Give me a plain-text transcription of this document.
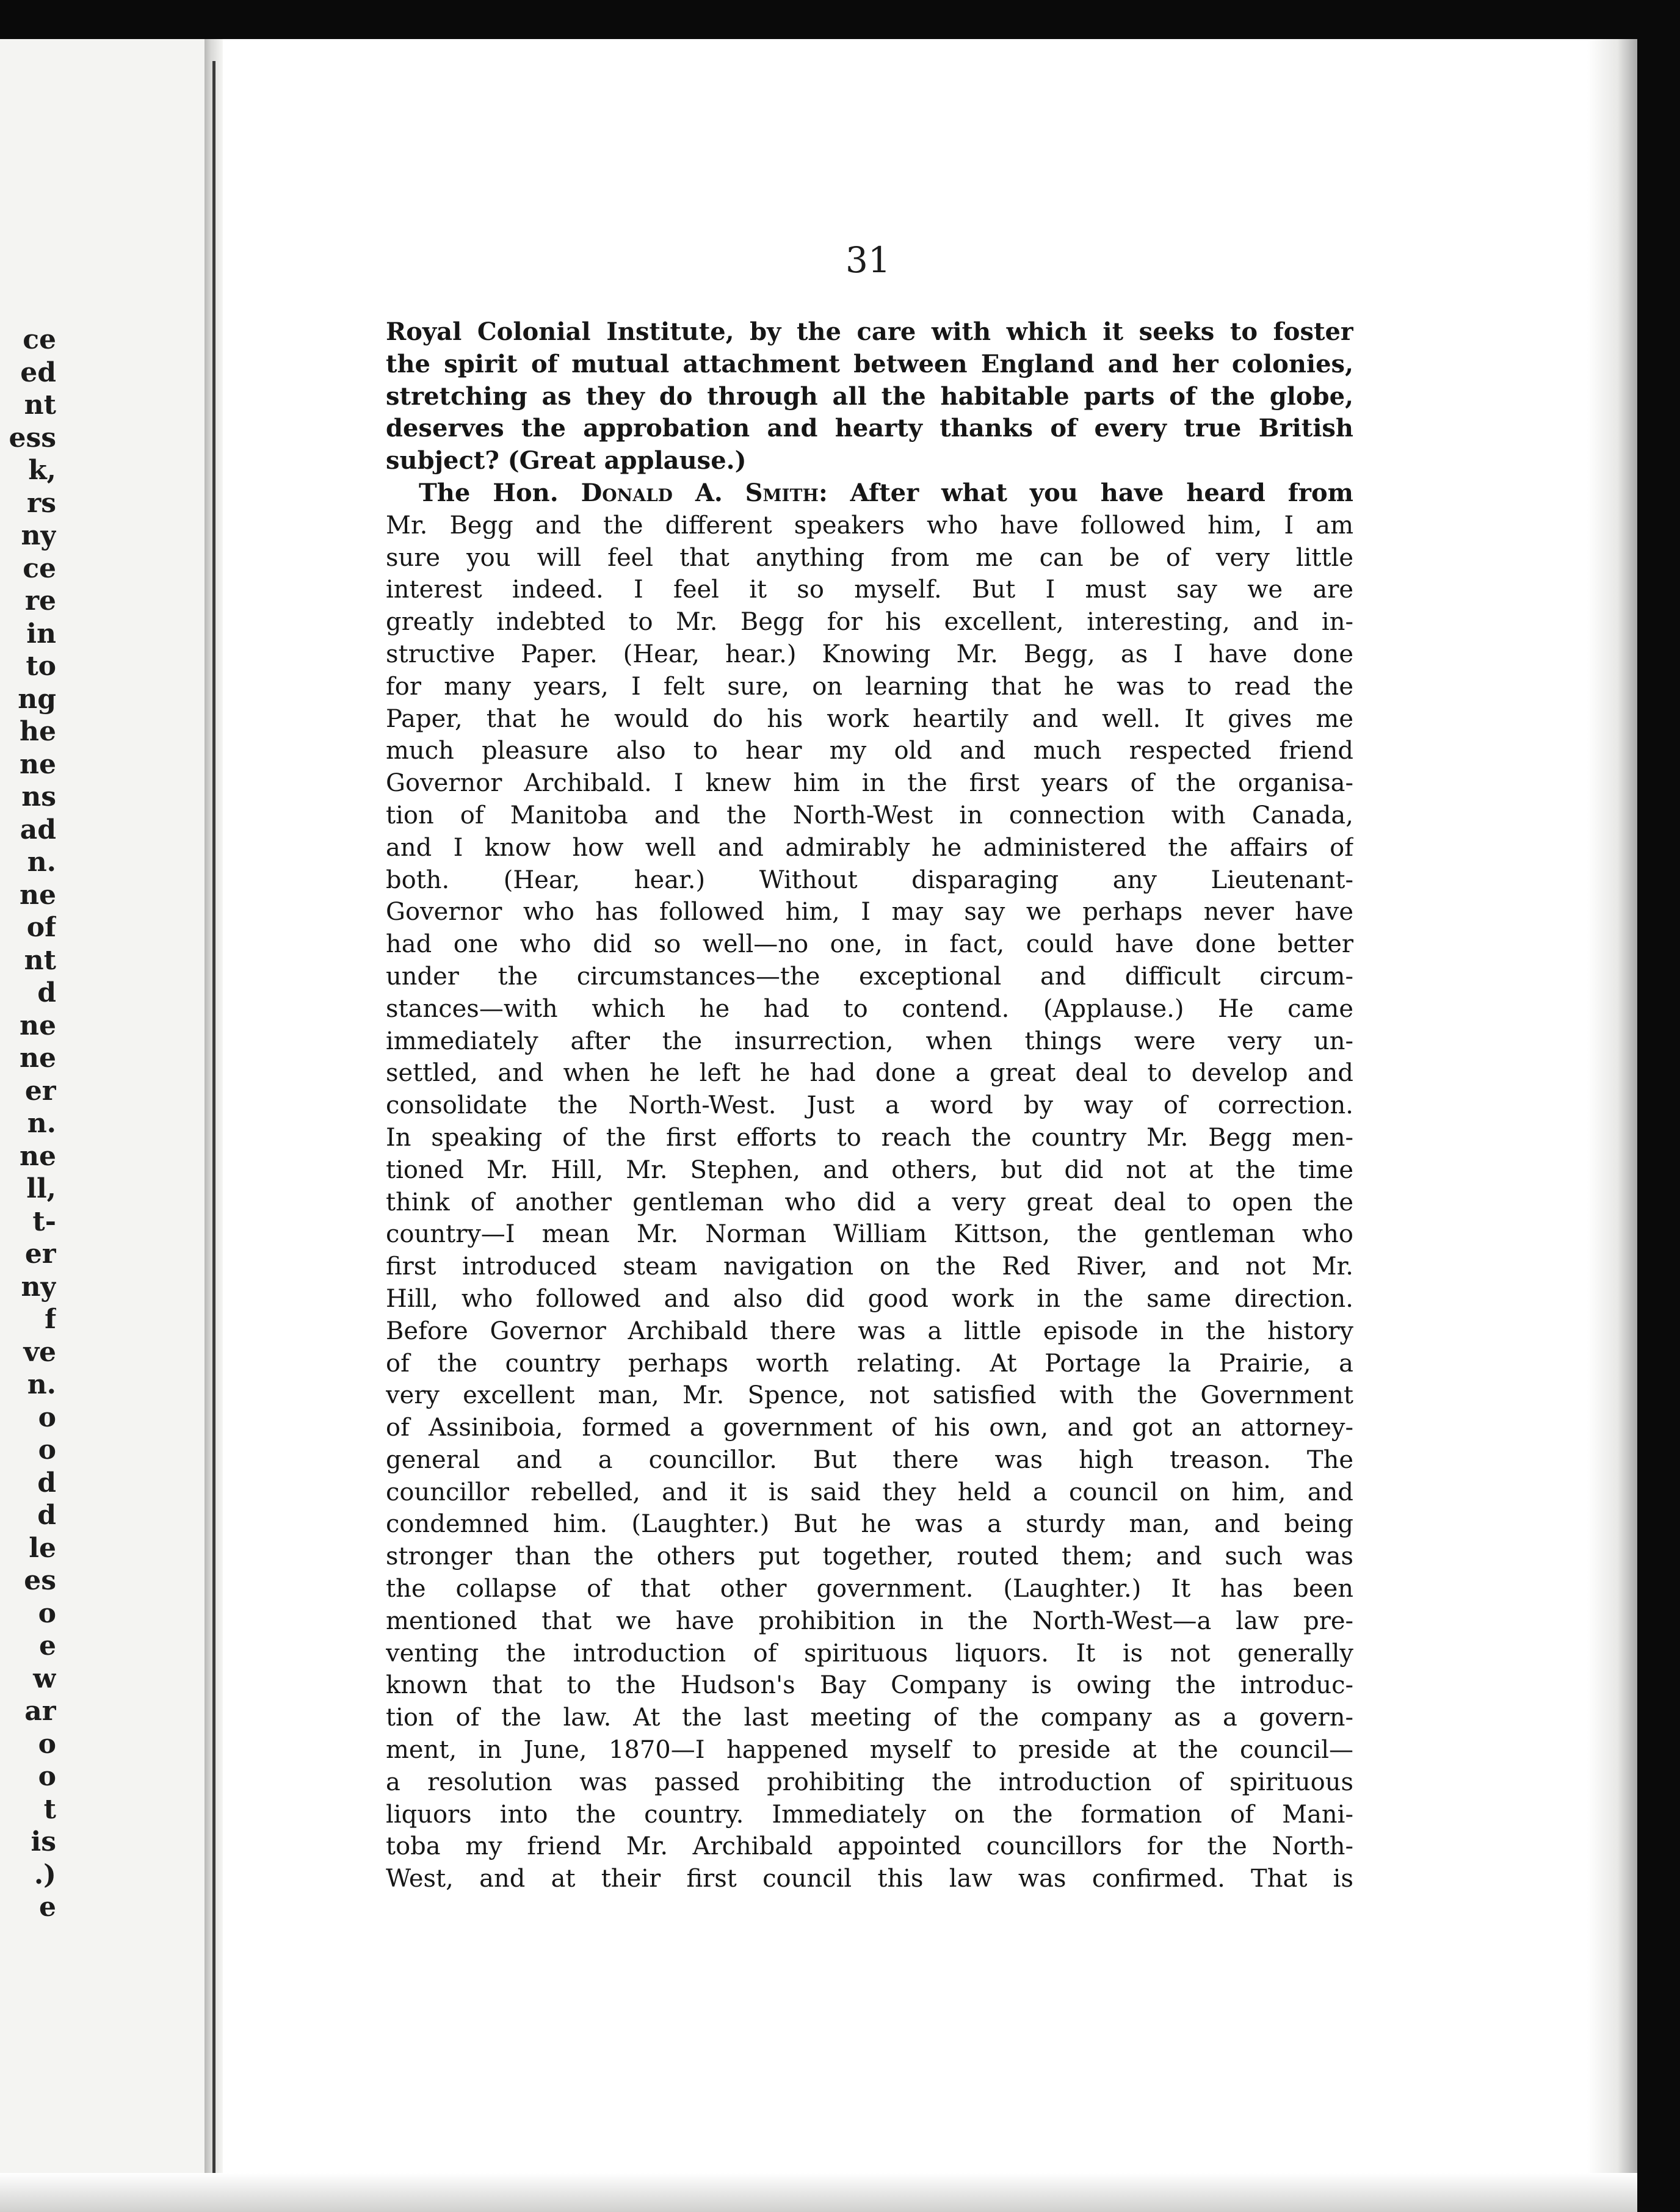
ce
ed
nt
ess
k,
rs
ny
ce
re
in
to
ng
he
ne
ns
ad
n.
ne
of
nt
d
ne
ne
er
n.
ne
ll,
t-
er
ny
f
ve
n.
o
o
d
d
le
es
o
e
w
ar
o
o
t
is
.)
e
31
Royal Colonial Institute, by the care with which it seeks to foster
the spirit of mutual attachment between England and her colonies,
stretching as they do through all the habitable parts of the globe,
deserves the approbation and hearty thanks of every true British
subject? (Great applause.)
The Hon. Donald A. Smith: After what you have heard from
Mr. Begg and the different speakers who have followed him, I am
sure you will feel that anything from me can be of very little
interest indeed. I feel it so myself. But I must say we are
greatly indebted to Mr. Begg for his excellent, interesting, and in-
structive Paper. (Hear, hear.) Knowing Mr. Begg, as I have done
for many years, I felt sure, on learning that he was to read the
Paper, that he would do his work heartily and well. It gives me
much pleasure also to hear my old and much respected friend
Governor Archibald. I knew him in the first years of the organisa-
tion of Manitoba and the North-West in connection with Canada,
and I know how well and admirably he administered the affairs of
both. (Hear, hear.) Without disparaging any Lieutenant-
Governor who has followed him, I may say we perhaps never have
had one who did so well—no one, in fact, could have done better
under the circumstances—the exceptional and difficult circum-
stances—with which he had to contend. (Applause.) He came
immediately after the insurrection, when things were very un-
settled, and when he left he had done a great deal to develop and
consolidate the North-West. Just a word by way of correction.
In speaking of the first efforts to reach the country Mr. Begg men-
tioned Mr. Hill, Mr. Stephen, and others, but did not at the time
think of another gentleman who did a very great deal to open the
country—I mean Mr. Norman William Kittson, the gentleman who
first introduced steam navigation on the Red River, and not Mr.
Hill, who followed and also did good work in the same direction.
Before Governor Archibald there was a little episode in the history
of the country perhaps worth relating. At Portage la Prairie, a
very excellent man, Mr. Spence, not satisfied with the Government
of Assiniboia, formed a government of his own, and got an attorney-
general and a councillor. But there was high treason. The
councillor rebelled, and it is said they held a council on him, and
condemned him. (Laughter.) But he was a sturdy man, and being
stronger than the others put together, routed them; and such was
the collapse of that other government. (Laughter.) It has been
mentioned that we have prohibition in the North-West—a law pre-
venting the introduction of spirituous liquors. It is not generally
known that to the Hudson's Bay Company is owing the introduc-
tion of the law. At the last meeting of the company as a govern-
ment, in June, 1870—I happened myself to preside at the council—
a resolution was passed prohibiting the introduction of spirituous
liquors into the country. Immediately on the formation of Mani-
toba my friend Mr. Archibald appointed councillors for the North-
West, and at their first council this law was confirmed. That is
